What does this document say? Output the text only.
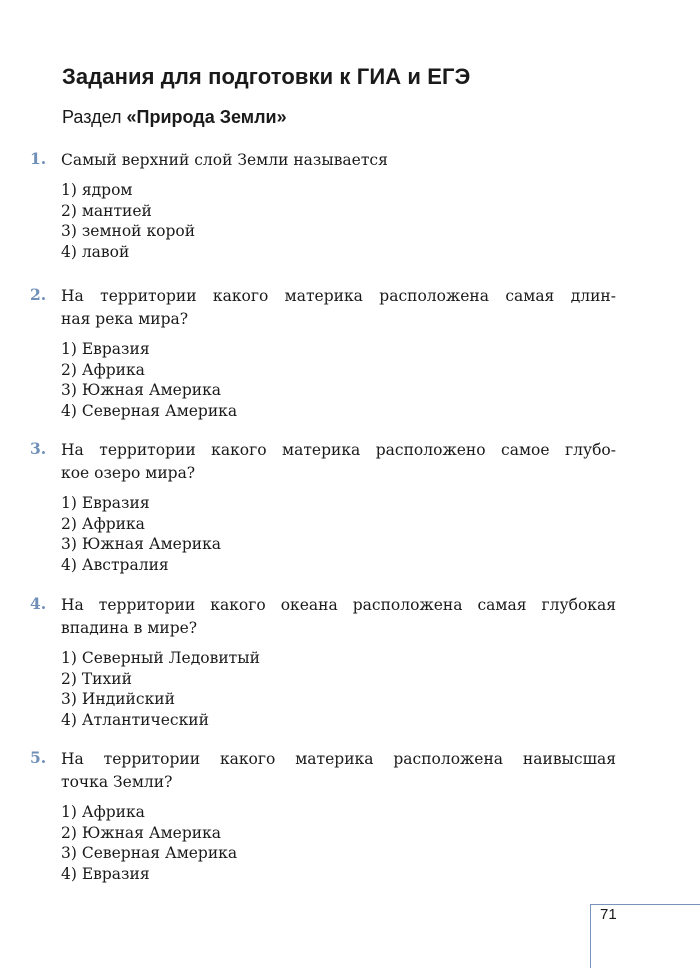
Задания для подготовки к ГИА и ЕГЭ
Раздел «Природа Земли»
1. Самый верхний слой Земли называется
1) ядром
2) мантией
3) земной корой
4) лавой
2. На территории какого материка расположена самая длин-
ная река мира?
1) Евразия
2) Африка
3) Южная Америка
4) Северная Америка
3. На территории какого материка расположено самое глубо-
кое озеро мира?
1) Евразия
2) Африка
3) Южная Америка
4) Австралия
4. На территории какого океана расположена самая глубокая
впадина в мире?
1) Северный Ледовитый
2) Тихий
3) Индийский
4) Атлантический
5. На территории какого материка расположена наивысшая
точка Земли?
1) Африка
2) Южная Америка
3) Северная Америка
4) Евразия
71
